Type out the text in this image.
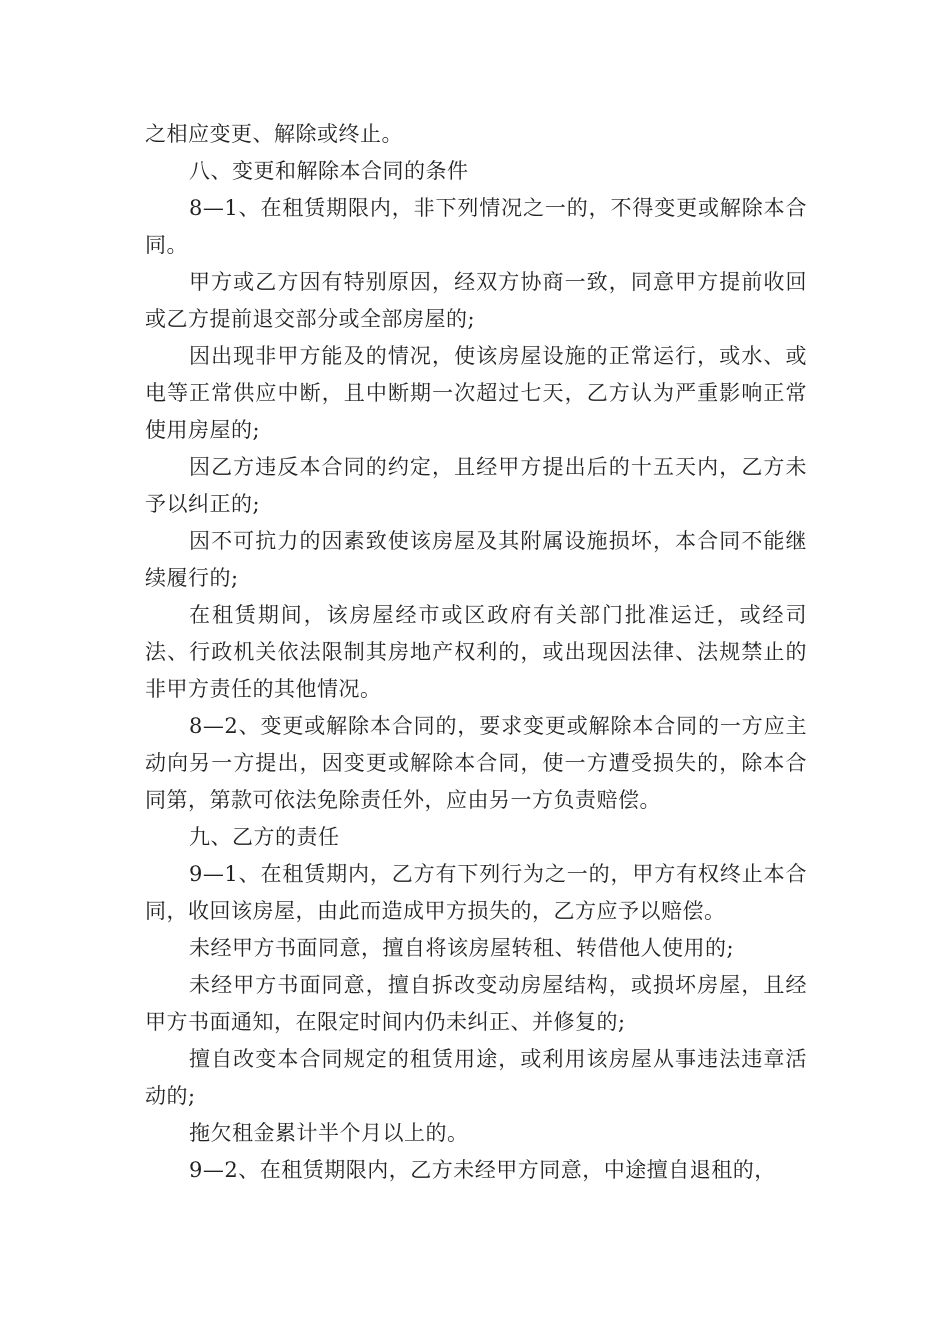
之相应变更、解除或终止。

八、变更和解除本合同的条件

8—1、在租赁期限内，非下列情况之一的，不得变更或解除本合同。

甲方或乙方因有特别原因，经双方协商一致，同意甲方提前收回或乙方提前退交部分或全部房屋的;

因出现非甲方能及的情况，使该房屋设施的正常运行，或水、或电等正常供应中断，且中断期一次超过七天，乙方认为严重影响正常使用房屋的;

因乙方违反本合同的约定，且经甲方提出后的十五天内，乙方未予以纠正的;

因不可抗力的因素致使该房屋及其附属设施损坏，本合同不能继续履行的;

在租赁期间，该房屋经市或区政府有关部门批准运迁，或经司法、行政机关依法限制其房地产权利的，或出现因法律、法规禁止的非甲方责任的其他情况。

8—2、变更或解除本合同的，要求变更或解除本合同的一方应主动向另一方提出，因变更或解除本合同，使一方遭受损失的，除本合同第，第款可依法免除责任外，应由另一方负责赔偿。

九、乙方的责任

9—1、在租赁期内，乙方有下列行为之一的，甲方有权终止本合同，收回该房屋，由此而造成甲方损失的，乙方应予以赔偿。

未经甲方书面同意，擅自将该房屋转租、转借他人使用的;

未经甲方书面同意，擅自拆改变动房屋结构，或损坏房屋，且经甲方书面通知，在限定时间内仍未纠正、并修复的;

擅自改变本合同规定的租赁用途，或利用该房屋从事违法违章活动的;

拖欠租金累计半个月以上的。

9—2、在租赁期限内，乙方未经甲方同意，中途擅自退租的，
